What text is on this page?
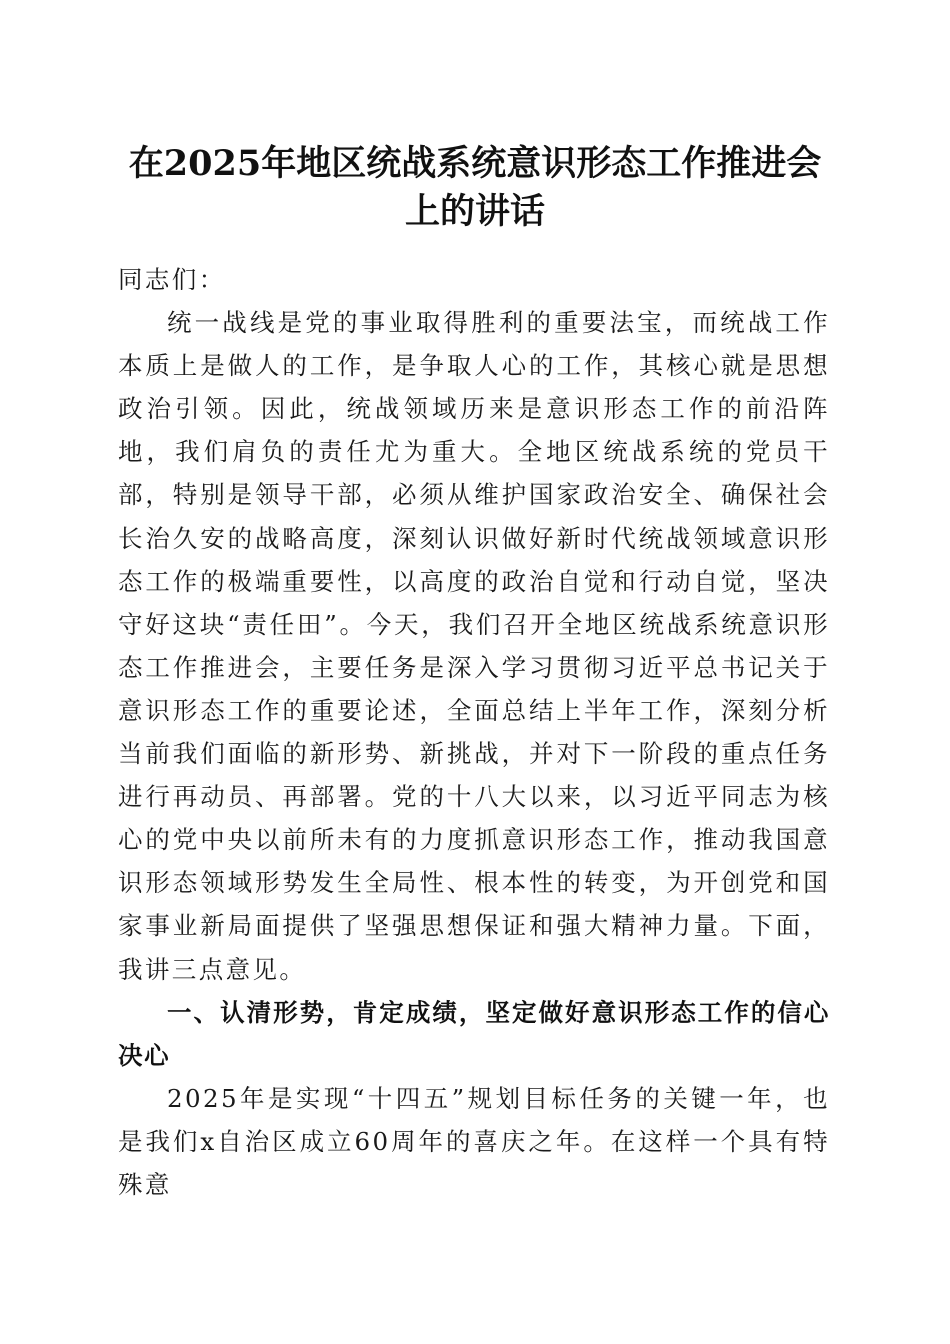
在2025年地区统战系统意识形态工作推进会
上的讲话

同志们：

统一战线是党的事业取得胜利的重要法宝，而统战工作本质上是做人的工作，是争取人心的工作，其核心就是思想政治引领。因此，统战领域历来是意识形态工作的前沿阵地，我们肩负的责任尤为重大。全地区统战系统的党员干部，特别是领导干部，必须从维护国家政治安全、确保社会长治久安的战略高度，深刻认识做好新时代统战领域意识形态工作的极端重要性，以高度的政治自觉和行动自觉，坚决守好这块“责任田”。今天，我们召开全地区统战系统意识形态工作推进会，主要任务是深入学习贯彻习近平总书记关于意识形态工作的重要论述，全面总结上半年工作，深刻分析当前我们面临的新形势、新挑战，并对下一阶段的重点任务进行再动员、再部署。党的十八大以来，以习近平同志为核心的党中央以前所未有的力度抓意识形态工作，推动我国意识形态领域形势发生全局性、根本性的转变，为开创党和国家事业新局面提供了坚强思想保证和强大精神力量。下面，我讲三点意见。

一、认清形势，肯定成绩，坚定做好意识形态工作的信心决心

2025年是实现“十四五”规划目标任务的关键一年，也是我们x自治区成立60周年的喜庆之年。在这样一个具有特殊意
